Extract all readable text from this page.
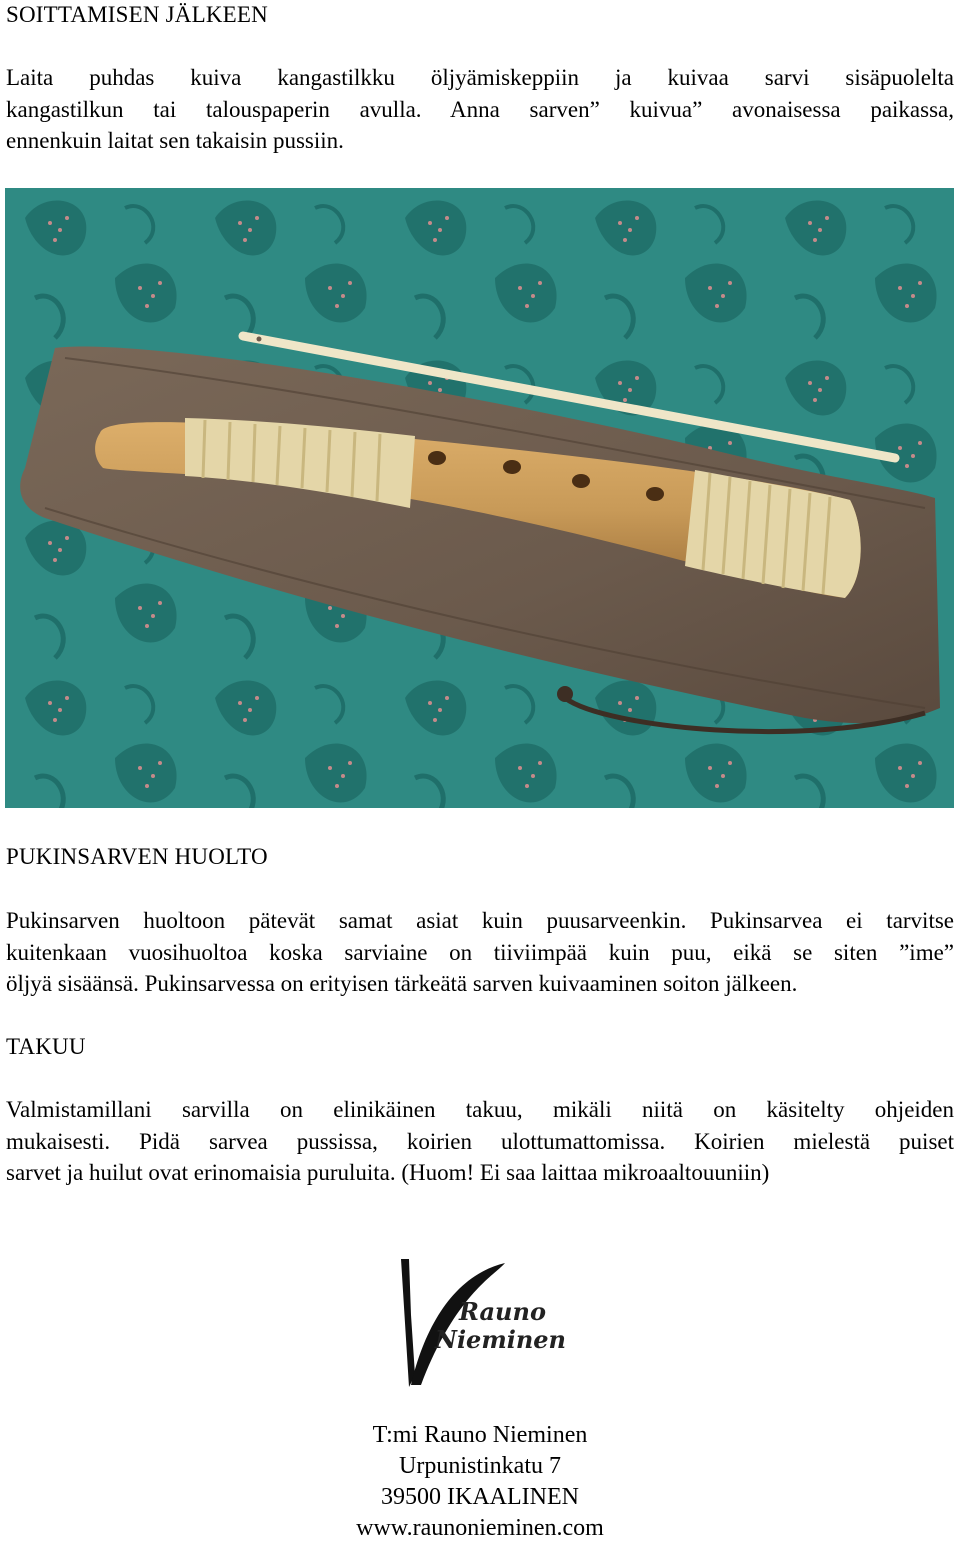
SOITTAMISEN JÄLKEEN
Laita puhdas kuiva kangastilkku öljyämiskeppiin ja kuivaa sarvi sisäpuolelta
kangastilkun tai talouspaperin avulla. Anna sarven” kuivua” avonaisessa paikassa,
ennenkuin laitat sen takaisin pussiin.
PUKINSARVEN HUOLTO
Pukinsarven huoltoon pätevät samat asiat kuin puusarveenkin. Pukinsarvea ei tarvitse
kuitenkaan vuosihuoltoa koska sarviaine on tiiviimpää kuin puu, eikä se siten ”ime”
öljyä sisäänsä. Pukinsarvessa on erityisen tärkeätä sarven kuivaaminen soiton jälkeen.
TAKUU
Valmistamillani sarvilla on elinikäinen takuu, mikäli niitä on käsitelty ohjeiden
mukaisesti. Pidä sarvea pussissa, koirien ulottumattomissa. Koirien mielestä puiset
sarvet ja huilut ovat erinomaisia puruluita. (Huom! Ei saa laittaa mikroaaltouuniin)
Rauno
Nieminen
T:mi Rauno Nieminen
Urpunistinkatu 7
39500 IKAALINEN
www.raunonieminen.com
